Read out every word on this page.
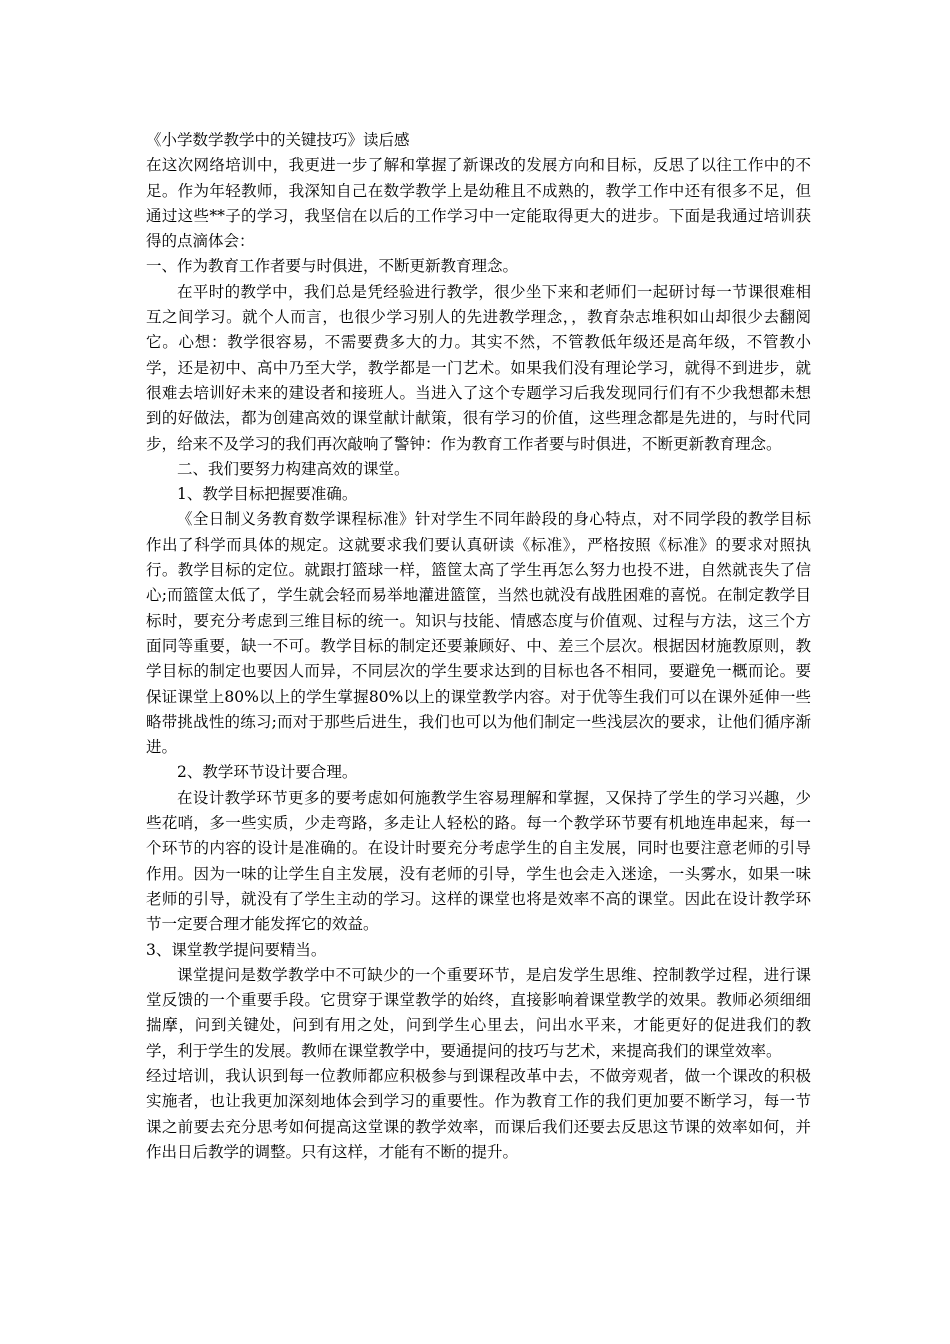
《小学数学教学中的关键技巧》读后感

在这次网络培训中，我更进一步了解和掌握了新课改的发展方向和目标，反思了以往工作中的不足。作为年轻教师，我深知自己在数学教学上是幼稚且不成熟的，教学工作中还有很多不足，但通过这些**子的学习，我坚信在以后的工作学习中一定能取得更大的进步。下面是我通过培训获得的点滴体会：

一、作为教育工作者要与时俱进，不断更新教育理念。

在平时的教学中，我们总是凭经验进行教学，很少坐下来和老师们一起研讨每一节课很难相互之间学习。就个人而言，也很少学习别人的先进教学理念，，教育杂志堆积如山却很少去翻阅它。心想：教学很容易，不需要费多大的力。其实不然，不管教低年级还是高年级，不管教小学，还是初中、高中乃至大学，教学都是一门艺术。如果我们没有理论学习，就得不到进步，就很难去培训好未来的建设者和接班人。当进入了这个专题学习后我发现同行们有不少我想都未想到的好做法，都为创建高效的课堂献计献策，很有学习的价值，这些理念都是先进的，与时代同步，给来不及学习的我们再次敲响了警钟：作为教育工作者要与时俱进，不断更新教育理念。

二、我们要努力构建高效的课堂。

1、教学目标把握要准确。

《全日制义务教育数学课程标准》针对学生不同年龄段的身心特点，对不同学段的教学目标作出了科学而具体的规定。这就要求我们要认真研读《标准》，严格按照《标准》的要求对照执行。教学目标的定位。就跟打篮球一样，篮筐太高了学生再怎么努力也投不进，自然就丧失了信心;而篮筐太低了，学生就会轻而易举地灌进篮筐，当然也就没有战胜困难的喜悦。在制定教学目标时，要充分考虑到三维目标的统一。知识与技能、情感态度与价值观、过程与方法，这三个方面同等重要，缺一不可。教学目标的制定还要兼顾好、中、差三个层次。根据因材施教原则，教学目标的制定也要因人而异，不同层次的学生要求达到的目标也各不相同，要避免一概而论。要保证课堂上80%以上的学生掌握80%以上的课堂教学内容。对于优等生我们可以在课外延伸一些略带挑战性的练习;而对于那些后进生，我们也可以为他们制定一些浅层次的要求，让他们循序渐进。

2、教学环节设计要合理。

在设计教学环节更多的要考虑如何施教学生容易理解和掌握，又保持了学生的学习兴趣，少些花哨，多一些实质，少走弯路，多走让人轻松的路。每一个教学环节要有机地连串起来，每一个环节的内容的设计是准确的。在设计时要充分考虑学生的自主发展，同时也要注意老师的引导作用。因为一味的让学生自主发展，没有老师的引导，学生也会走入迷途，一头雾水，如果一味老师的引导，就没有了学生主动的学习。这样的课堂也将是效率不高的课堂。因此在设计教学环节一定要合理才能发挥它的效益。

3、课堂教学提问要精当。

课堂提问是数学教学中不可缺少的一个重要环节，是启发学生思维、控制教学过程，进行课堂反馈的一个重要手段。它贯穿于课堂教学的始终，直接影响着课堂教学的效果。教师必须细细揣摩，问到关键处，问到有用之处，问到学生心里去，问出水平来，才能更好的促进我们的教学，利于学生的发展。教师在课堂教学中，要通提问的技巧与艺术，来提高我们的课堂效率。

经过培训，我认识到每一位教师都应积极参与到课程改革中去，不做旁观者，做一个课改的积极实施者，也让我更加深刻地体会到学习的重要性。作为教育工作的我们更加要不断学习，每一节课之前要去充分思考如何提高这堂课的教学效率，而课后我们还要去反思这节课的效率如何，并作出日后教学的调整。只有这样，才能有不断的提升。
